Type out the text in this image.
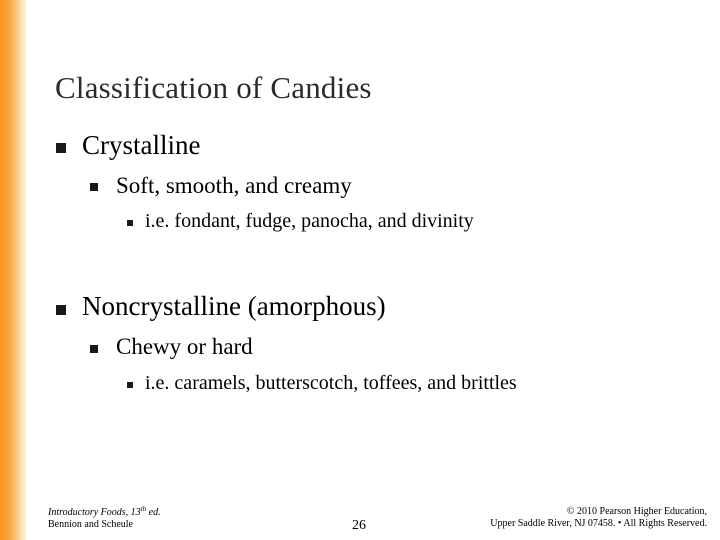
Classification of Candies
Crystalline
Soft, smooth, and creamy
i.e. fondant, fudge, panocha, and divinity
Noncrystalline (amorphous)
Chewy or hard
i.e. caramels, butterscotch, toffees, and brittles
Introductory Foods, 13th ed.
Bennion and Scheule	26
© 2010 Pearson Higher Education,
Upper Saddle River, NJ 07458. • All Rights Reserved.
